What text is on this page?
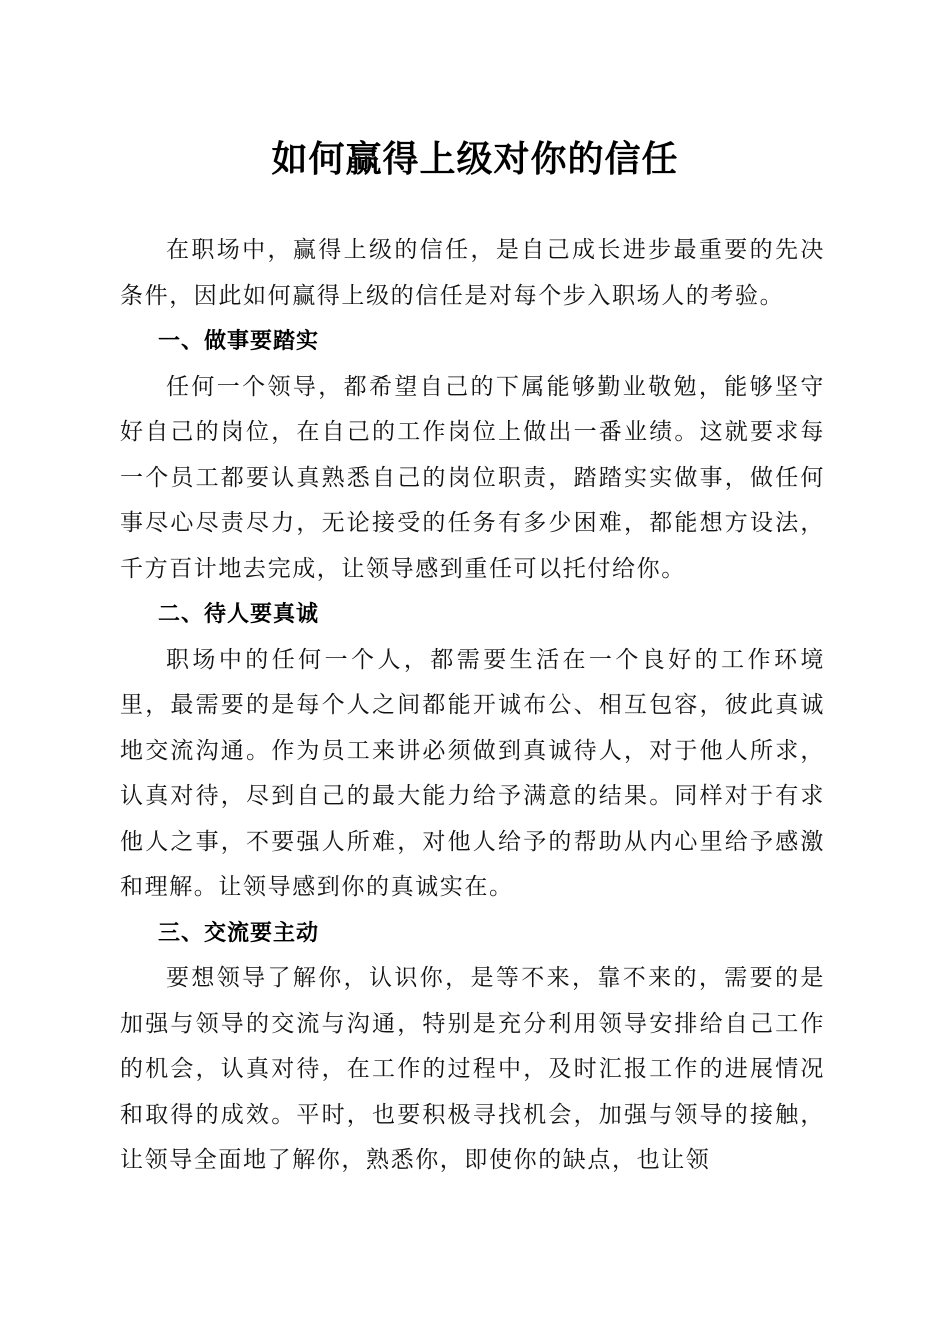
如何赢得上级对你的信任

在职场中，赢得上级的信任，是自己成长进步最重要的先决条件，因此如何赢得上级的信任是对每个步入职场人的考验。

一、做事要踏实

任何一个领导，都希望自己的下属能够勤业敬勉，能够坚守好自己的岗位，在自己的工作岗位上做出一番业绩。这就要求每一个员工都要认真熟悉自己的岗位职责，踏踏实实做事，做任何事尽心尽责尽力，无论接受的任务有多少困难，都能想方设法，千方百计地去完成，让领导感到重任可以托付给你。

二、待人要真诚

职场中的任何一个人，都需要生活在一个良好的工作环境里，最需要的是每个人之间都能开诚布公、相互包容，彼此真诚地交流沟通。作为员工来讲必须做到真诚待人，对于他人所求，认真对待，尽到自己的最大能力给予满意的结果。同样对于有求他人之事，不要强人所难，对他人给予的帮助从内心里给予感激和理解。让领导感到你的真诚实在。

三、交流要主动

要想领导了解你，认识你，是等不来，靠不来的，需要的是加强与领导的交流与沟通，特别是充分利用领导安排给自己工作的机会，认真对待，在工作的过程中，及时汇报工作的进展情况和取得的成效。平时，也要积极寻找机会，加强与领导的接触，让领导全面地了解你，熟悉你，即使你的缺点，也让领
